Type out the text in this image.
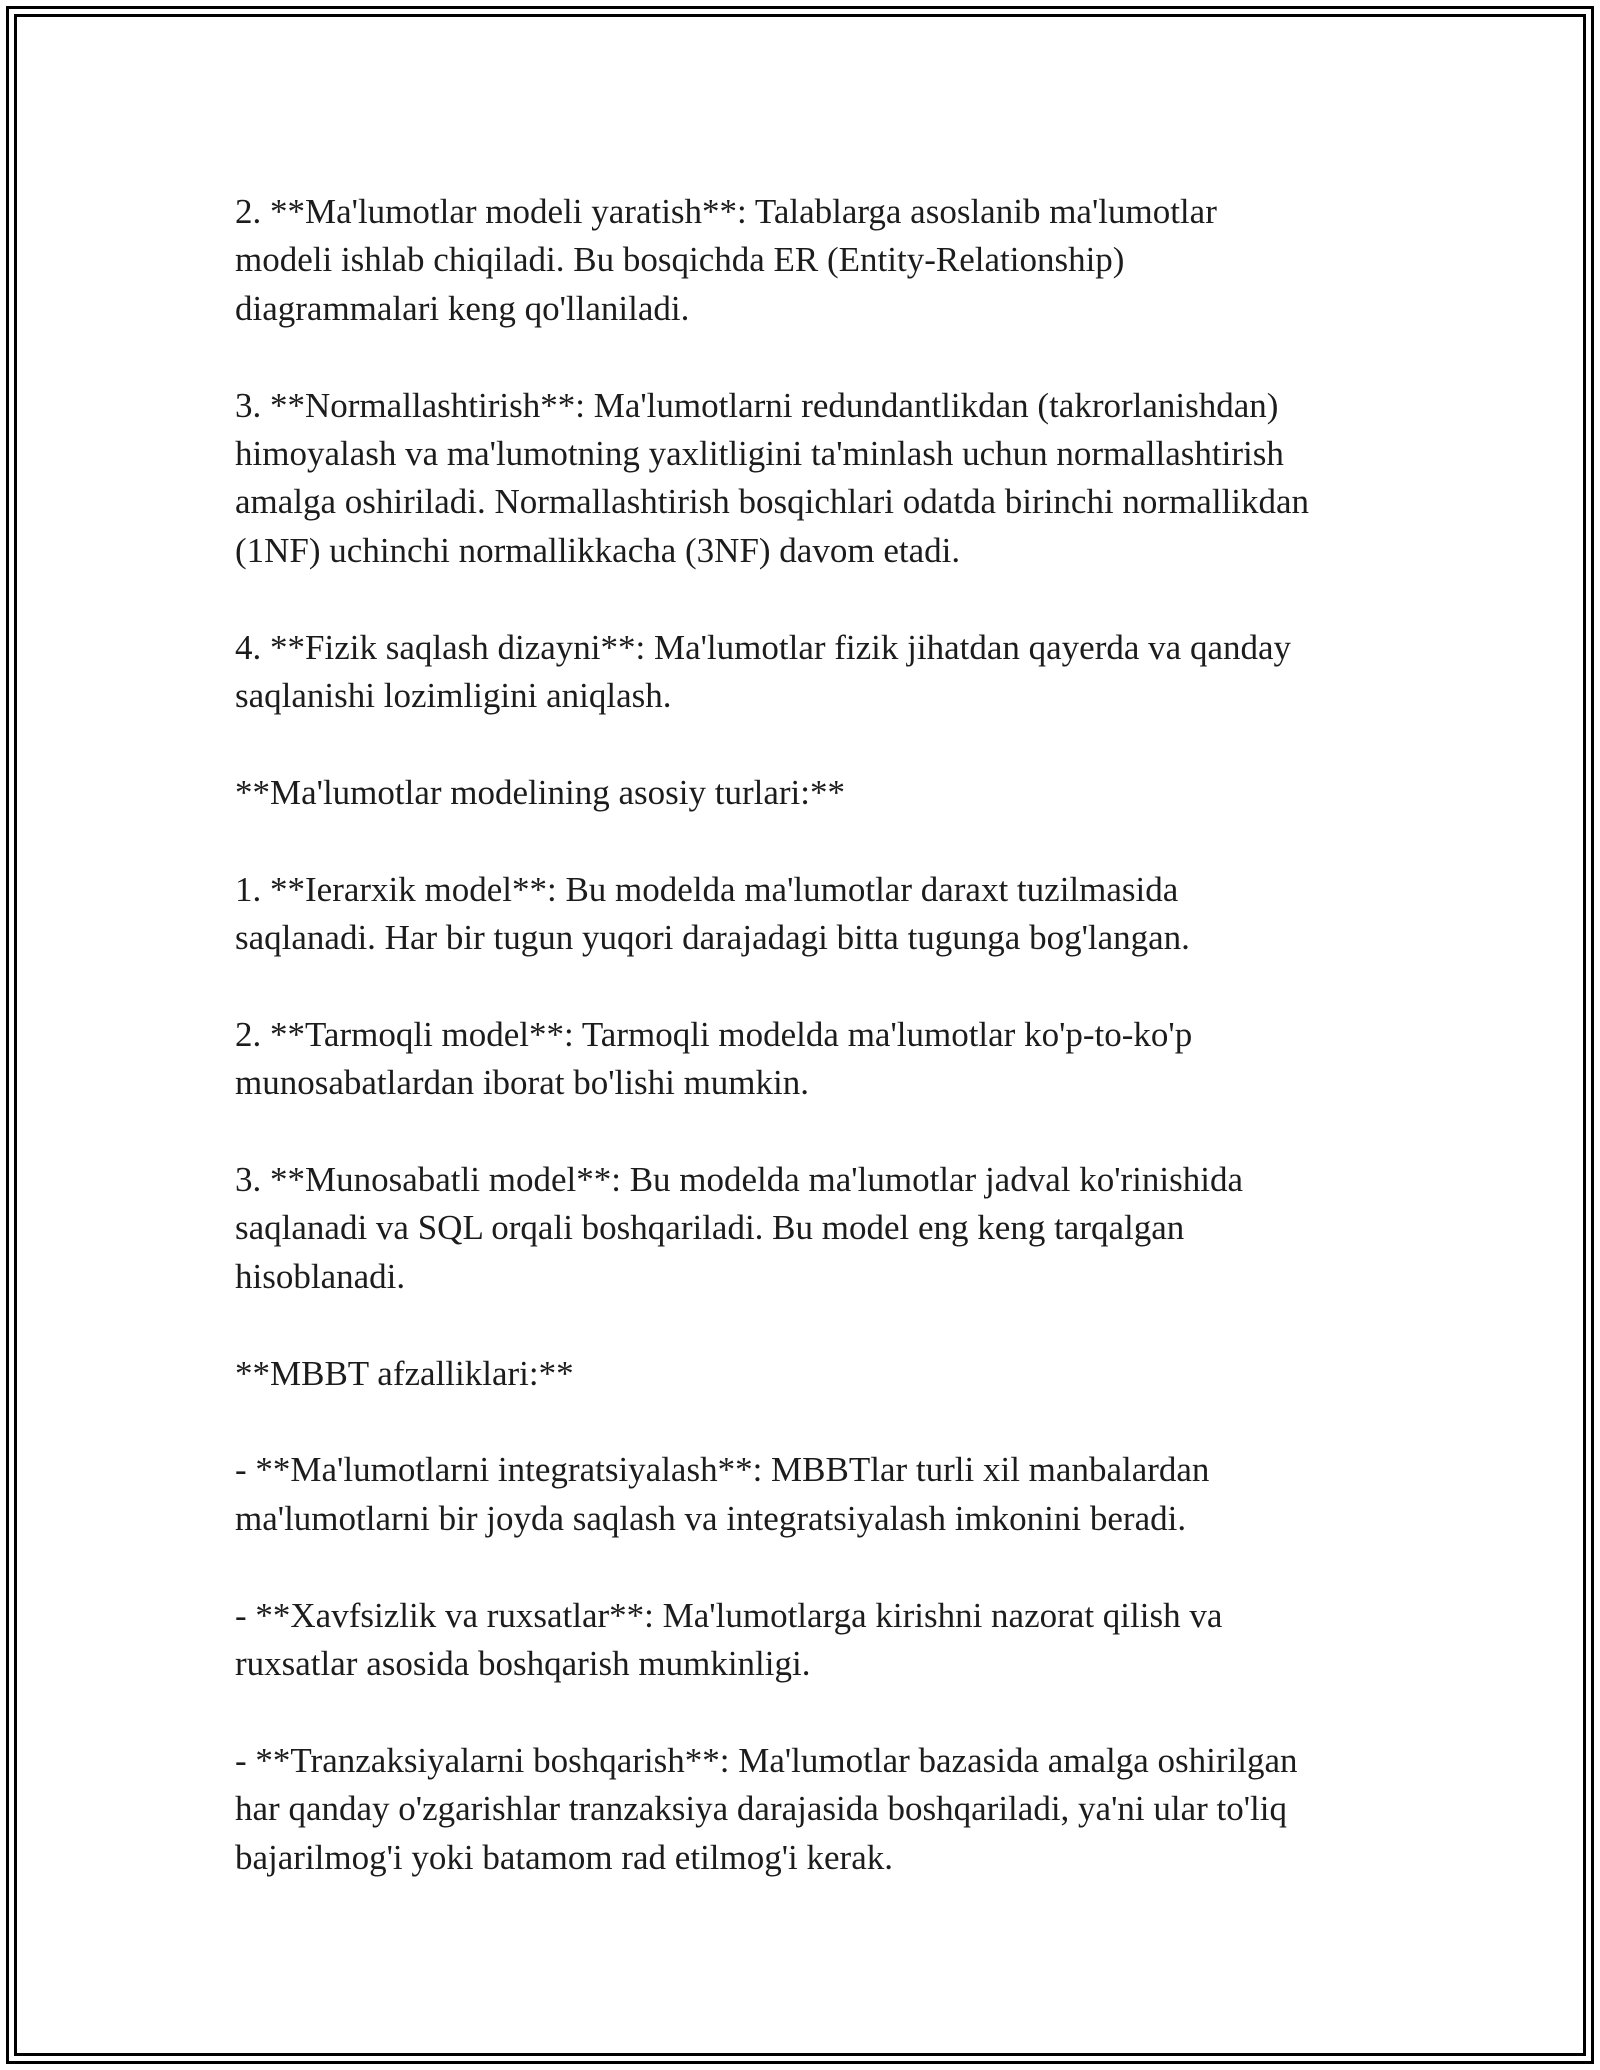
2. **Ma'lumotlar modeli yaratish**: Talablarga asoslanib ma'lumotlar
modeli ishlab chiqiladi. Bu bosqichda ER (Entity-Relationship)
diagrammalari keng qo'llaniladi.

3. **Normallashtirish**: Ma'lumotlarni redundantlikdan (takrorlanishdan)
himoyalash va ma'lumotning yaxlitligini ta'minlash uchun normallashtirish
amalga oshiriladi. Normallashtirish bosqichlari odatda birinchi normallikdan
(1NF) uchinchi normallikkacha (3NF) davom etadi.

4. **Fizik saqlash dizayni**: Ma'lumotlar fizik jihatdan qayerda va qanday
saqlanishi lozimligini aniqlash.

**Ma'lumotlar modelining asosiy turlari:**

1. **Ierarxik model**: Bu modelda ma'lumotlar daraxt tuzilmasida
saqlanadi. Har bir tugun yuqori darajadagi bitta tugunga bog'langan.

2. **Tarmoqli model**: Tarmoqli modelda ma'lumotlar ko'p-to-ko'p
munosabatlardan iborat bo'lishi mumkin.

3. **Munosabatli model**: Bu modelda ma'lumotlar jadval ko'rinishida
saqlanadi va SQL orqali boshqariladi. Bu model eng keng tarqalgan
hisoblanadi.

**MBBT afzalliklari:**

- **Ma'lumotlarni integratsiyalash**: MBBTlar turli xil manbalardan
ma'lumotlarni bir joyda saqlash va integratsiyalash imkonini beradi.

- **Xavfsizlik va ruxsatlar**: Ma'lumotlarga kirishni nazorat qilish va
ruxsatlar asosida boshqarish mumkinligi.

- **Tranzaksiyalarni boshqarish**: Ma'lumotlar bazasida amalga oshirilgan
har qanday o'zgarishlar tranzaksiya darajasida boshqariladi, ya'ni ular to'liq
bajarilmog'i yoki batamom rad etilmog'i kerak.
